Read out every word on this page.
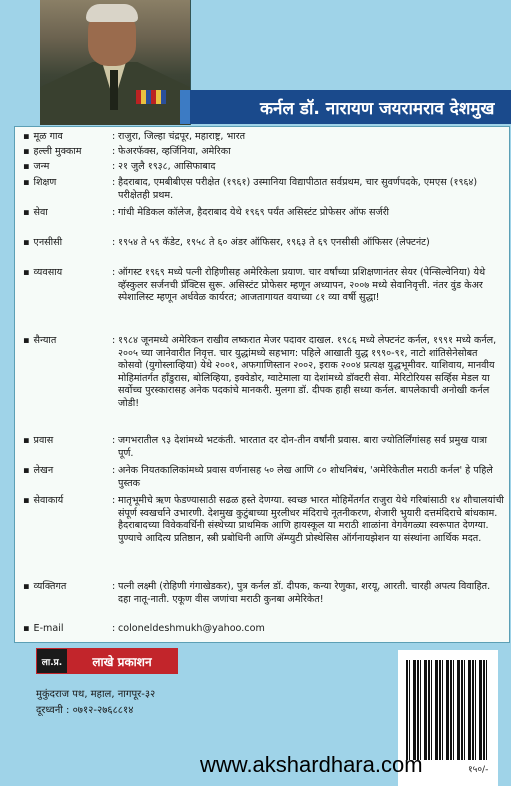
कर्नल डॉ. नारायण जयरामराव देशमुख
▪ मूळ गाव	: राजुरा, जिल्हा चंद्रपूर, महाराष्ट्र, भारत
▪ हल्ली मुक्काम	: फेअरफॅक्स, व्हर्जिनिया, अमेरिका
▪ जन्म	: २१ जुलै १९३८, आसिफाबाद
▪ शिक्षण	: हैदराबाद, एमबीबीएस परीक्षेत (१९६१) उस्मानिया विद्यापीठात सर्वप्रथम, चार सुवर्णपदके, एमएस (१९६४) परीक्षेतही प्रथम.
▪ सेवा	: गांधी मेडिकल कॉलेज, हैदराबाद येथे १९६९ पर्यंत असिस्टंट प्रोफेसर ऑफ सर्जरी
▪ एनसीसी	: १९५४ ते ५९ कॅडेट, १९५८ ते ६० अंडर ऑफिसर, १९६३ ते ६९ एनसीसी ऑफिसर (लेफ्टनंट)
▪ व्यवसाय	: ऑगस्ट १९६९ मध्ये पत्नी रोहिणीसह अमेरिकेला प्रयाण. चार वर्षांच्या प्रशिक्षणानंतर सेयर (पेन्सिल्वेनिया) येथे व्हॅस्कुलर सर्जनची प्रॅक्टिस सुरू. असिस्टंट प्रोफेसर म्हणून अध्यापन, २००७ मध्ये सेवानिवृत्ती. नंतर वुंड केअर स्पेशालिस्ट म्हणून अर्धवेळ कार्यरत; आजतागायत वयाच्या ८१ व्या वर्षी सुद्धा!
▪ सैन्यात	: १९८४ जूनमध्ये अमेरिकन राखीव लष्करात मेजर पदावर दाखल. १९८६ मध्ये लेफ्टनंट कर्नल, १९९१ मध्ये कर्नल, २००५ च्या जानेवारीत निवृत्त. चार युद्धांमध्ये सहभाग: पहिले आखाती युद्ध १९९०-९१, नाटो शांतिसेनेसोबत कोसवो (युगोस्लाव्हिया) येथे २००१, अफगाणिस्तान २००२, इराक २००४ प्रत्यक्ष युद्धभूमीवर. याशिवाय, मानवीय मोहिमांतर्गत हाँडुरास, बोलिव्हिया, इक्वेडोर, ग्वाटेमाला या देशांमध्ये डॉक्टरी सेवा. मेरिटोरियस सर्व्हिस मेडल या सर्वोच्च पुरस्कारासह अनेक पदकांचे मानकरी. मुलगा डॉ. दीपक हाही सध्या कर्नल. बापलेकाची अनोखी कर्नल जोडी!
▪ प्रवास	: जगभरातील ९३ देशांमध्ये भटकंती. भारतात दर दोन-तीन वर्षांनी प्रवास. बारा ज्योतिर्लिंगांसह सर्व प्रमुख यात्रा पूर्ण.
▪ लेखन	: अनेक नियतकालिकांमध्ये प्रवास वर्णनासह ५० लेख आणि ८० शोधनिबंध, 'अमेरिकेतील मराठी कर्नल' हे पहिले पुस्तक
▪ सेवाकार्य	: मातृभूमीचे ऋण फेडण्यासाठी सढळ हस्ते देणग्या. स्वच्छ भारत मोहिमेंतर्गत राजुरा येथे गरिबांसाठी १४ शौचालयांची संपूर्ण स्वखर्चाने उभारणी. देशमुख कुटुंबाच्या मुरलीधर मंदिराचे नूतनीकरण, शेजारी भुयारी दत्तमंदिराचे बांधकाम. हैदराबादच्या विवेकवर्धिनी संस्थेच्या प्राथमिक आणि हायस्कूल या मराठी शाळांना वेगवेगळ्या स्वरूपात देणग्या. पुण्याचे आदित्य प्रतिष्ठान, स्त्री प्रबोधिनी आणि ॲम्प्युटी प्रोस्थेसिस ऑर्गनायझेशन या संस्थांना आर्थिक मदत.
▪ व्यक्तिगत	: पत्नी लक्ष्मी (रोहिणी गंगाखेडकर), पुत्र कर्नल डॉ. दीपक, कन्या रेणुका, शरयू, आरती. चारही अपत्य विवाहित. दहा नातू-नाती. एकूण वीस जणांचा मराठी कुनबा अमेरिकेत!
▪ E-mail	: coloneldeshmukh@yahoo.com
ला.प्र.	लाखे प्रकाशन
मुकुंदराज पथ, महाल, नागपूर-३२
दूरध्वनी : ०७१२-२७६८८१४
१५०/-
www.akshardhara.com
